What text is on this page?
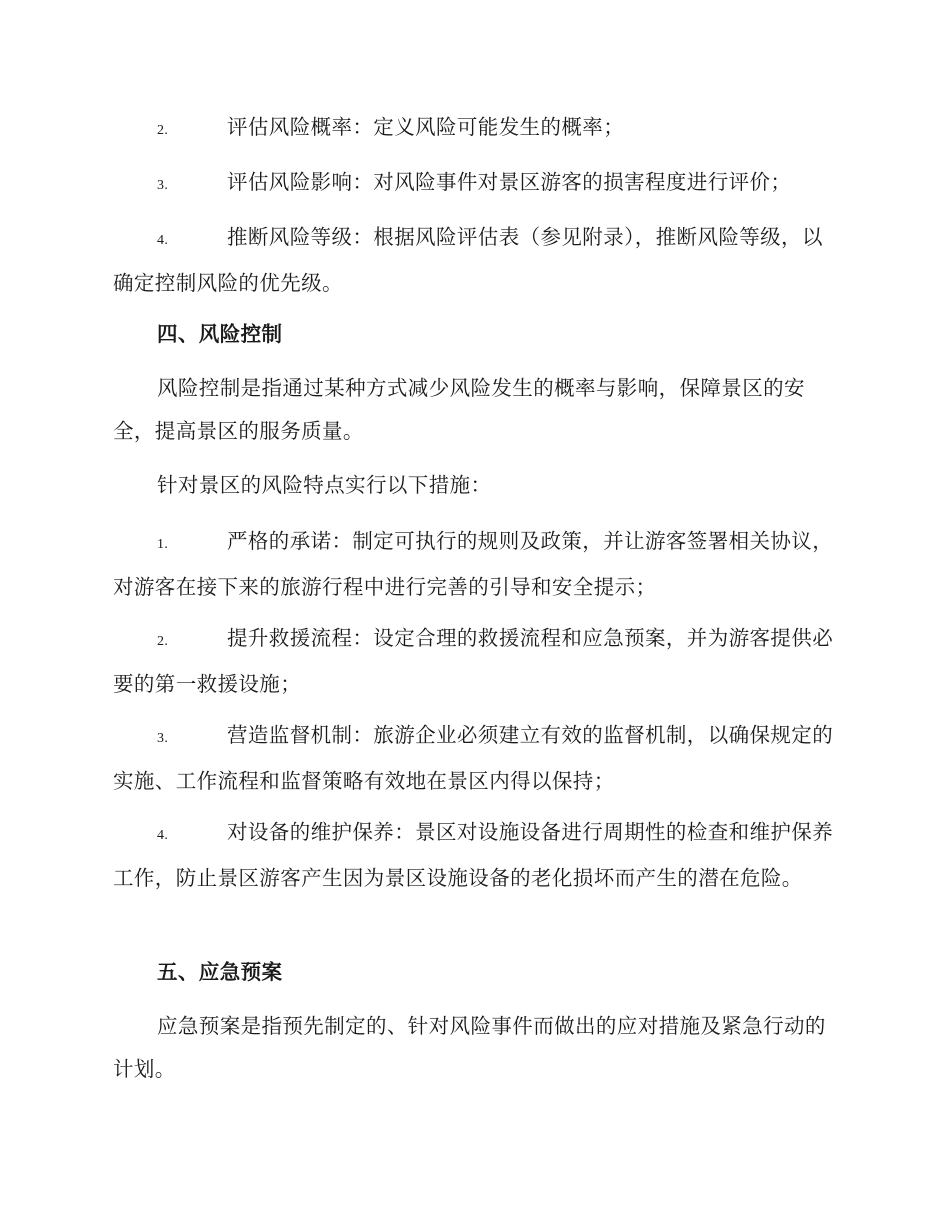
2.	评估风险概率：定义风险可能发生的概率；

3.	评估风险影响：对风险事件对景区游客的损害程度进行评价；

4.	推断风险等级：根据风险评估表（参见附录），推断风险等级，以确定控制风险的优先级。

四、风险控制

风险控制是指通过某种方式减少风险发生的概率与影响，保障景区的安全，提高景区的服务质量。

针对景区的风险特点实行以下措施：

1.	严格的承诺：制定可执行的规则及政策，并让游客签署相关协议，对游客在接下来的旅游行程中进行完善的引导和安全提示；

2.	提升救援流程：设定合理的救援流程和应急预案，并为游客提供必要的第一救援设施；

3.	营造监督机制：旅游企业必须建立有效的监督机制，以确保规定的实施、工作流程和监督策略有效地在景区内得以保持；

4.	对设备的维护保养：景区对设施设备进行周期性的检查和维护保养工作，防止景区游客产生因为景区设施设备的老化损坏而产生的潜在危险。

五、应急预案

应急预案是指预先制定的、针对风险事件而做出的应对措施及紧急行动的计划。
